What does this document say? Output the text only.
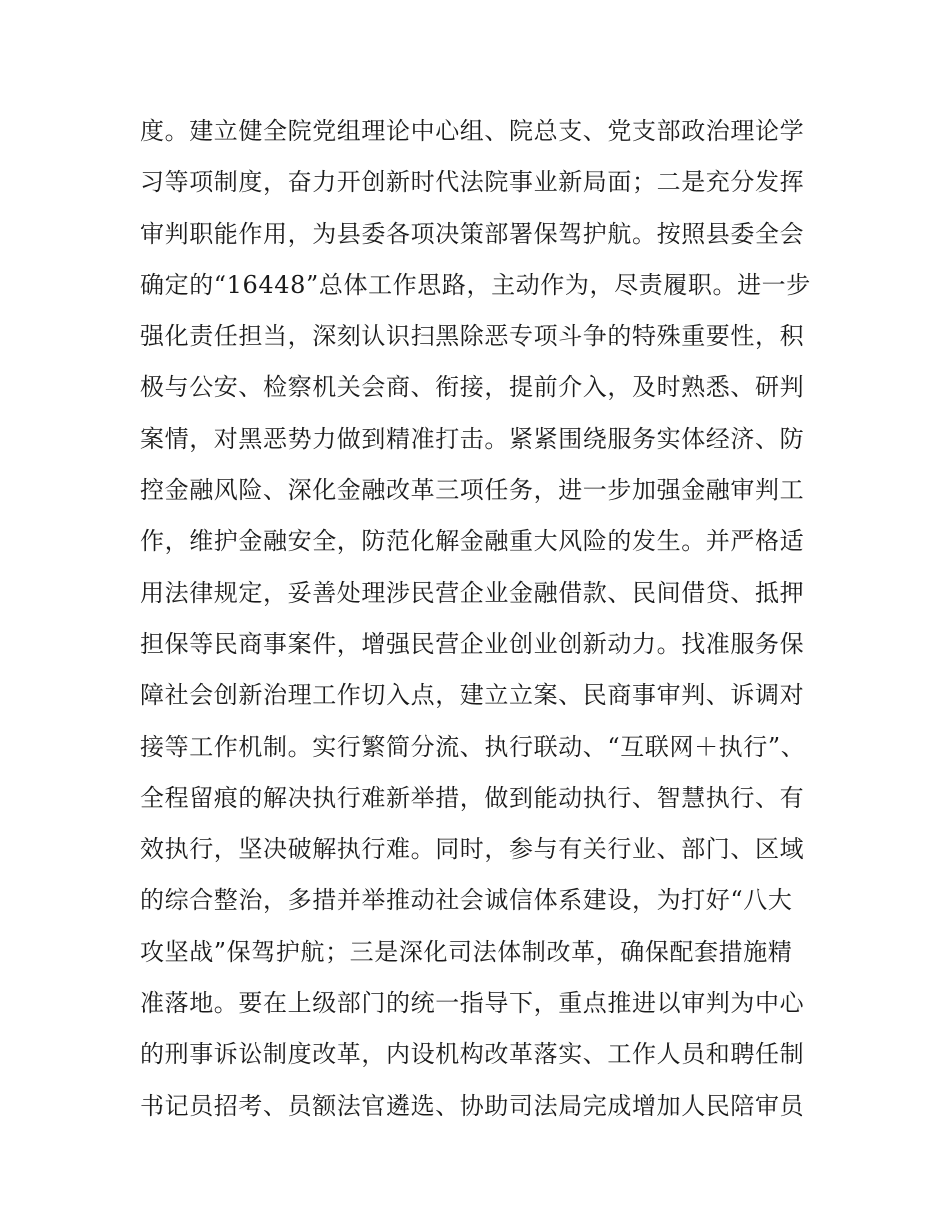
度。建立健全院党组理论中心组、院总支、党支部政治理论学
习等项制度，奋力开创新时代法院事业新局面；二是充分发挥
审判职能作用，为县委各项决策部署保驾护航。按照县委全会
确定的“16448”总体工作思路，主动作为，尽责履职。进一步
强化责任担当，深刻认识扫黑除恶专项斗争的特殊重要性，积
极与公安、检察机关会商、衔接，提前介入，及时熟悉、研判
案情，对黑恶势力做到精准打击。紧紧围绕服务实体经济、防
控金融风险、深化金融改革三项任务，进一步加强金融审判工
作，维护金融安全，防范化解金融重大风险的发生。并严格适
用法律规定，妥善处理涉民营企业金融借款、民间借贷、抵押
担保等民商事案件，增强民营企业创业创新动力。找准服务保
障社会创新治理工作切入点，建立立案、民商事审判、诉调对
接等工作机制。实行繁简分流、执行联动、“互联网＋执行”、
全程留痕的解决执行难新举措，做到能动执行、智慧执行、有
效执行，坚决破解执行难。同时，参与有关行业、部门、区域
的综合整治，多措并举推动社会诚信体系建设，为打好“八大
攻坚战”保驾护航；三是深化司法体制改革，确保配套措施精
准落地。要在上级部门的统一指导下，重点推进以审判为中心
的刑事诉讼制度改革，内设机构改革落实、工作人员和聘任制
书记员招考、员额法官遴选、协助司法局完成增加人民陪审员
